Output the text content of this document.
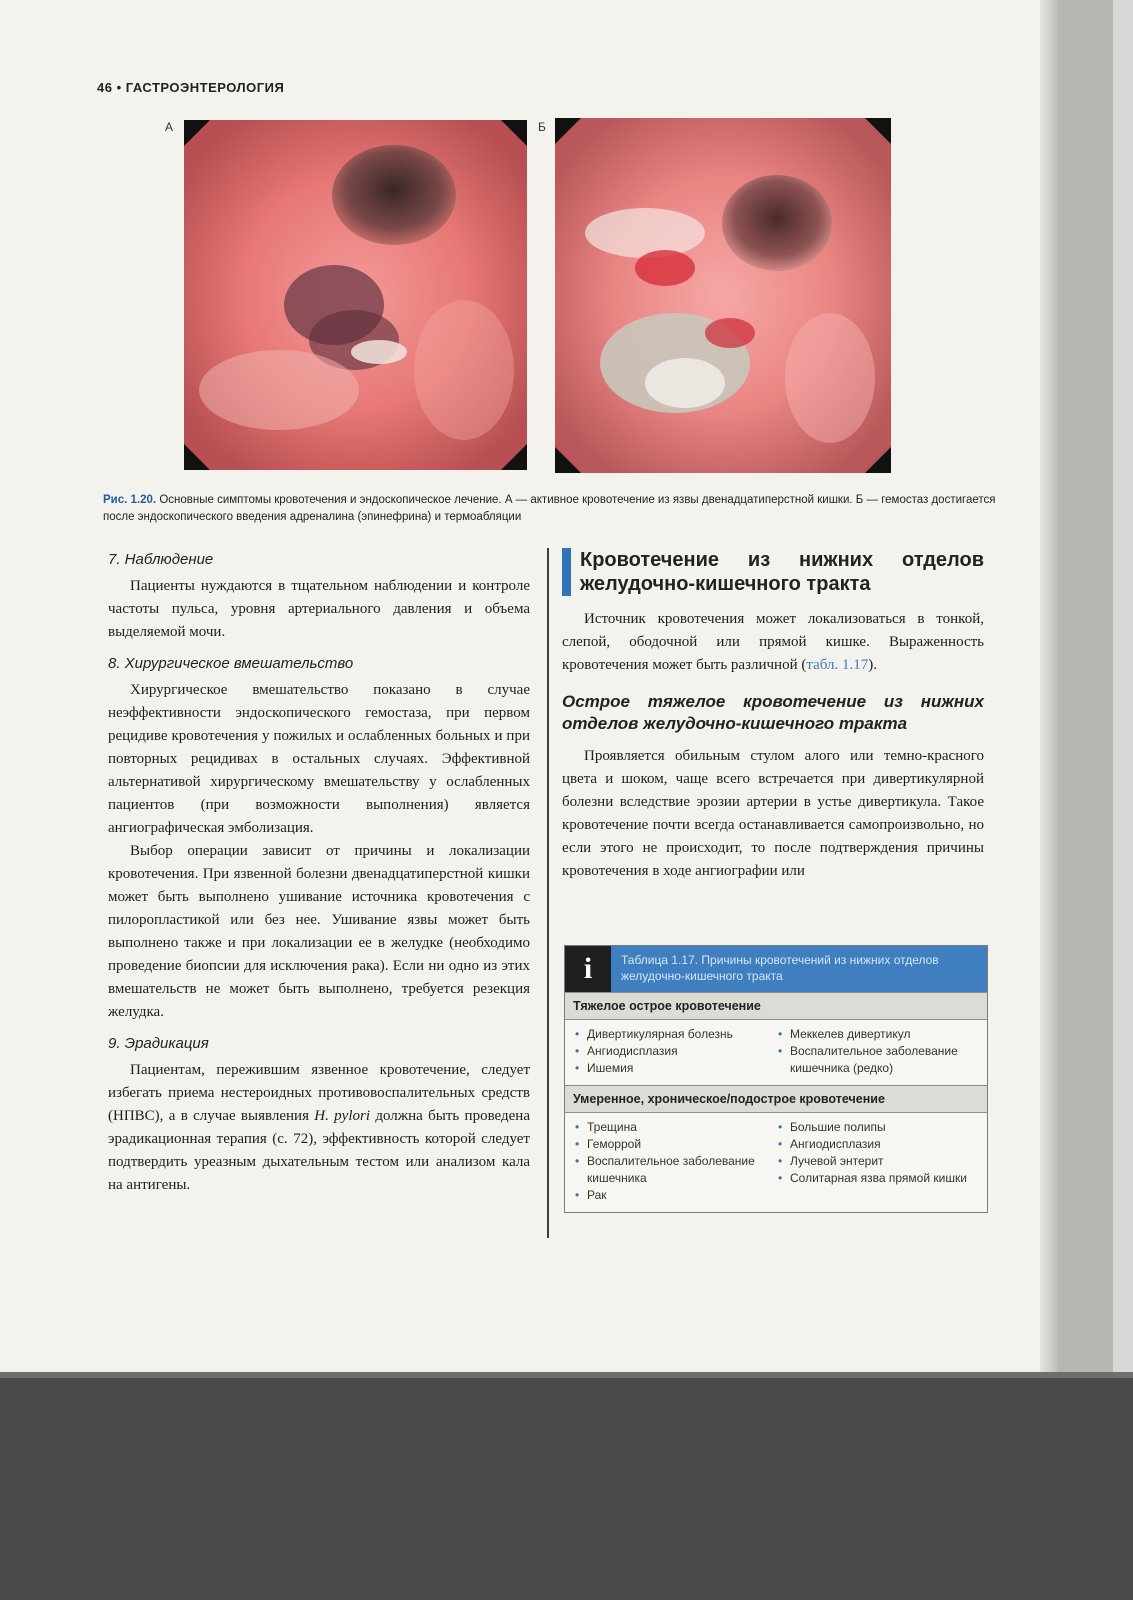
46 • ГАСТРОЭНТЕРОЛОГИЯ
А	Б
Рис. 1.20. Основные симптомы кровотечения и эндоскопическое лечение. А — активное кровотечение из язвы двенадцатиперстной кишки. Б — гемостаз достигается после эндоскопического введения адреналина (эпинефрина) и термоабляции

7. Наблюдение

Пациенты нуждаются в тщательном наблюдении и контроле частоты пульса, уровня артериального давления и объема выделяемой мочи.

8. Хирургическое вмешательство

Хирургическое вмешательство показано в случае неэффективности эндоскопического гемостаза, при первом рецидиве кровотечения у пожилых и ослабленных больных и при повторных рецидивах в остальных случаях. Эффективной альтернативой хирургическому вмешательству у ослабленных пациентов (при возможности выполнения) является ангиографическая эмболизация.

Выбор операции зависит от причины и локализации кровотечения. При язвенной болезни двенадцатиперстной кишки может быть выполнено ушивание источника кровотечения с пилоропластикой или без нее. Ушивание язвы может быть выполнено также и при локализации ее в желудке (необходимо проведение биопсии для исключения рака). Если ни одно из этих вмешательств не может быть выполнено, требуется резекция желудка.

9. Эрадикация

Пациентам, пережившим язвенное кровотечение, следует избегать приема нестероидных противовоспалительных средств (НПВС), а в случае выявления H. pylori должна быть проведена эрадикационная терапия (с. 72), эффективность которой следует подтвердить уреазным дыхательным тестом или анализом кала на антигены.

Кровотечение из нижних отделов желудочно-кишечного тракта

Источник кровотечения может локализоваться в тонкой, слепой, ободочной или прямой кишке. Выраженность кровотечения может быть различной (табл. 1.17).

Острое тяжелое кровотечение из нижних отделов желудочно-кишечного тракта

Проявляется обильным стулом алого или темно-красного цвета и шоком, чаще всего встречается при дивертикулярной болезни вследствие эрозии артерии в устье дивертикула. Такое кровотечение почти всегда останавливается самопроизвольно, но если этого не происходит, то после подтверждения причины кровотечения в ходе ангиографии или

i	Таблица 1.17. Причины кровотечений из нижних отделов желудочно-кишечного тракта
Тяжелое острое кровотечение
• Дивертикулярная болезнь
• Ангиодисплазия
• Ишемия
• Меккелев дивертикул
• Воспалительное заболевание кишечника (редко)
Умеренное, хроническое/подострое кровотечение
• Трещина
• Геморрой
• Воспалительное заболевание кишечника
• Рак
• Большие полипы
• Ангиодисплазия
• Лучевой энтерит
• Солитарная язва прямой кишки
